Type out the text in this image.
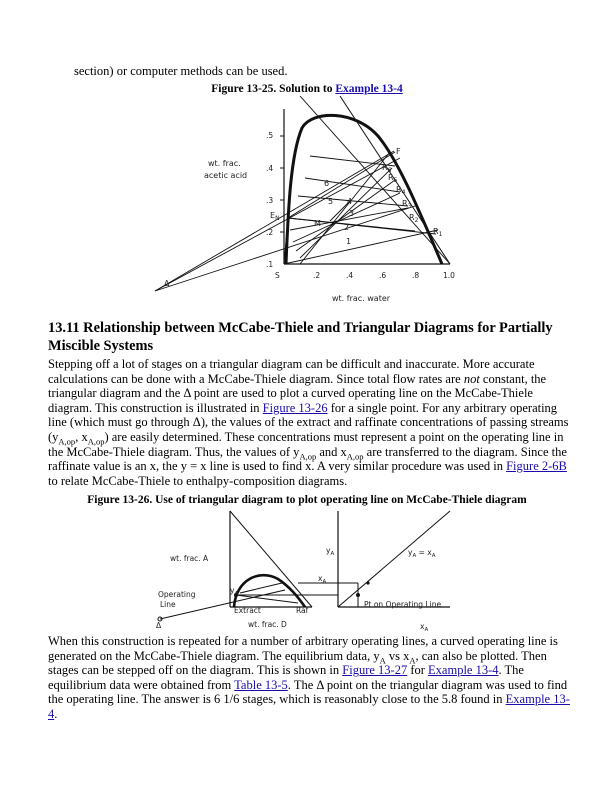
section) or computer methods can be used.

Figure 13-25. Solution to Example 13-4

.5
.4
.3
.2
.1
S	.2	.4	.6	.8	1.0
wt. frac.
acetic acid
wt. frac. water
F
$E_N$
M
Δ
$R_1$
$R_2$
$R_3$
$R_4$
$R_5$
$R_6$
1
2
3
4
5
6

13.11 Relationship between McCabe-Thiele and Triangular Diagrams for Partially Miscible Systems

Stepping off a lot of stages on a triangular diagram can be difficult and inaccurate. More accurate calculations can be done with a McCabe-Thiele diagram. Since total flow rates are not constant, the triangular diagram and the Δ point are used to plot a curved operating line on the McCabe-Thiele diagram. This construction is illustrated in Figure 13-26 for a single point. For any arbitrary operating line (which must go through Δ), the values of the extract and raffinate concentrations of passing streams ($y_{A,op}$, $x_{A,op}$) are easily determined. These concentrations must represent a point on the operating line in the McCabe-Thiele diagram. Thus, the values of $y_{A,op}$ and $x_{A,op}$ are transferred to the diagram. Since the raffinate value is an x, the y = x line is used to find x. A very similar procedure was used in Figure 2-6B to relate McCabe-Thiele to enthalpy-composition diagrams.

Figure 13-26. Use of triangular diagram to plot operating line on McCabe-Thiele diagram

wt. frac. A
wt. frac. D
Operating
Line
Δ
Extract	Raf
$y_A$
$x_A$
$y_A$	$y_A = x_A$
Pt on Operating Line
$x_A$

When this construction is repeated for a number of arbitrary operating lines, a curved operating line is generated on the McCabe-Thiele diagram. The equilibrium data, $y_A$ vs $x_A$, can also be plotted. Then stages can be stepped off on the diagram. This is shown in Figure 13-27 for Example 13-4. The equilibrium data were obtained from Table 13-5. The Δ point on the triangular diagram was used to find the operating line. The answer is 6 1/6 stages, which is reasonably close to the 5.8 found in Example 13-4.
